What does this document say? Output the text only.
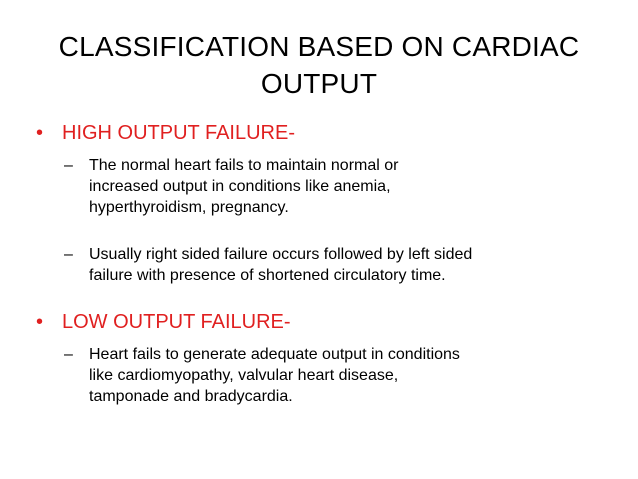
CLASSIFICATION BASED ON CARDIAC
OUTPUT
• HIGH OUTPUT FAILURE-
– The normal heart fails to maintain normal or
increased output in conditions like anemia,
hyperthyroidism, pregnancy.
– Usually right sided failure occurs followed by left sided
failure with presence of shortened circulatory time.
• LOW OUTPUT FAILURE-
– Heart fails to generate adequate output in conditions
like cardiomyopathy, valvular heart disease,
tamponade and bradycardia.
